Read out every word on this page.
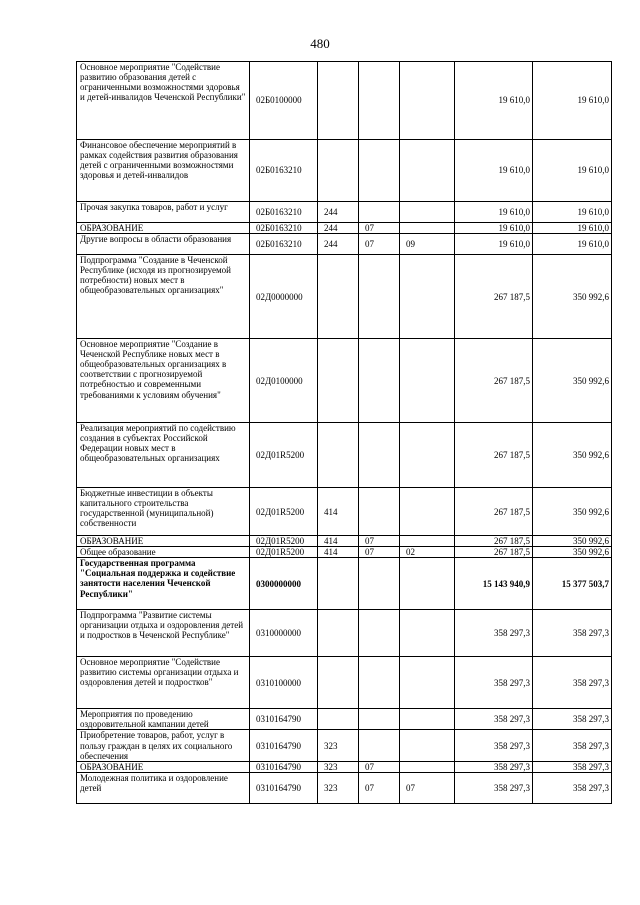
480
Основное мероприятие "Содействие развитию образования детей с ограниченными возможностями здоровья и детей-инвалидов Чеченской Республики"	02Б0100000				19 610,0	19 610,0
Финансовое обеспечение мероприятий в рамках содействия развития образования детей с ограниченными возможностями здоровья и детей-инвалидов	02Б0163210				19 610,0	19 610,0
Прочая закупка товаров, работ и услуг	02Б0163210	244			19 610,0	19 610,0
ОБРАЗОВАНИЕ	02Б0163210	244	07		19 610,0	19 610,0
Другие вопросы в области образования	02Б0163210	244	07	09	19 610,0	19 610,0
Подпрограмма "Создание в Чеченской Республике (исходя из прогнозируемой потребности) новых мест в общеобразовательных организациях"	02Д0000000				267 187,5	350 992,6
Основное мероприятие "Создание в Чеченской Республике новых мест в общеобразовательных организациях в соответствии с прогнозируемой потребностью и современными требованиями к условиям обучения"	02Д0100000				267 187,5	350 992,6
Реализация мероприятий по содействию создания в субъектах Российской Федерации новых мест в общеобразовательных организациях	02Д01R5200				267 187,5	350 992,6
Бюджетные инвестиции в объекты капитального строительства государственной (муниципальной) собственности	02Д01R5200	414			267 187,5	350 992,6
ОБРАЗОВАНИЕ	02Д01R5200	414	07		267 187,5	350 992,6
Общее образование	02Д01R5200	414	07	02	267 187,5	350 992,6
Государственная программа "Социальная поддержка и содействие занятости населения Чеченской Республики"	0300000000				15 143 940,9	15 377 503,7
Подпрограмма "Развитие системы организации отдыха и оздоровления детей и подростков в Чеченской Республике"	0310000000				358 297,3	358 297,3
Основное мероприятие "Содействие развитию системы организации отдыха и оздоровления детей и подростков"	0310100000				358 297,3	358 297,3
Мероприятия по проведению оздоровительной кампании детей	0310164790				358 297,3	358 297,3
Приобретение товаров, работ, услуг в пользу граждан в целях их социального обеспечения	0310164790	323			358 297,3	358 297,3
ОБРАЗОВАНИЕ	0310164790	323	07		358 297,3	358 297,3
Молодежная политика и оздоровление детей	0310164790	323	07	07	358 297,3	358 297,3
